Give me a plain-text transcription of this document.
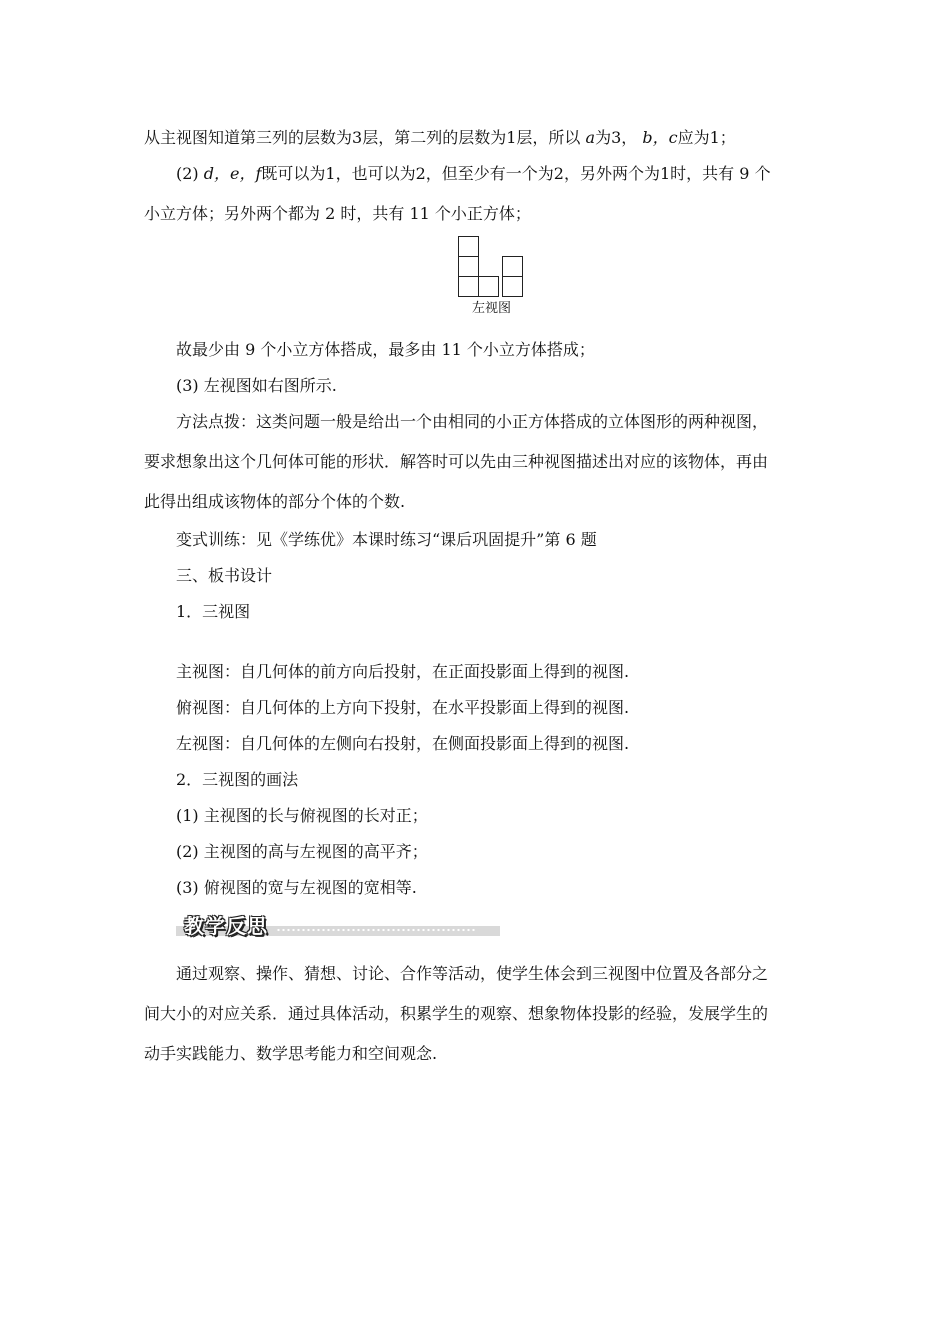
从主视图知道第三列的层数为3层，第二列的层数为1层，所以 a为3， b，c应为1；
(2) d，e，f既可以为1，也可以为2，但至少有一个为2，另外两个为1时，共有 9 个
小立方体；另外两个都为 2 时，共有 11 个小正方体；
左视图
故最少由 9 个小立方体搭成，最多由 11 个小立方体搭成；
(3) 左视图如右图所示.
方法点拨：这类问题一般是给出一个由相同的小正方体搭成的立体图形的两种视图，
要求想象出这个几何体可能的形状．解答时可以先由三种视图描述出对应的该物体，再由
此得出组成该物体的部分个体的个数.
变式训练：见《学练优》本课时练习“课后巩固提升”第 6 题
三、板书设计
1．三视图
主视图：自几何体的前方向后投射，在正面投影面上得到的视图.
俯视图：自几何体的上方向下投射，在水平投影面上得到的视图.
左视图：自几何体的左侧向右投射，在侧面投影面上得到的视图.
2．三视图的画法
(1) 主视图的长与俯视图的长对正；
(2) 主视图的高与左视图的高平齐；
(3) 俯视图的宽与左视图的宽相等.
教学反思
通过观察、操作、猜想、讨论、合作等活动，使学生体会到三视图中位置及各部分之
间大小的对应关系．通过具体活动，积累学生的观察、想象物体投影的经验，发展学生的
动手实践能力、数学思考能力和空间观念.
